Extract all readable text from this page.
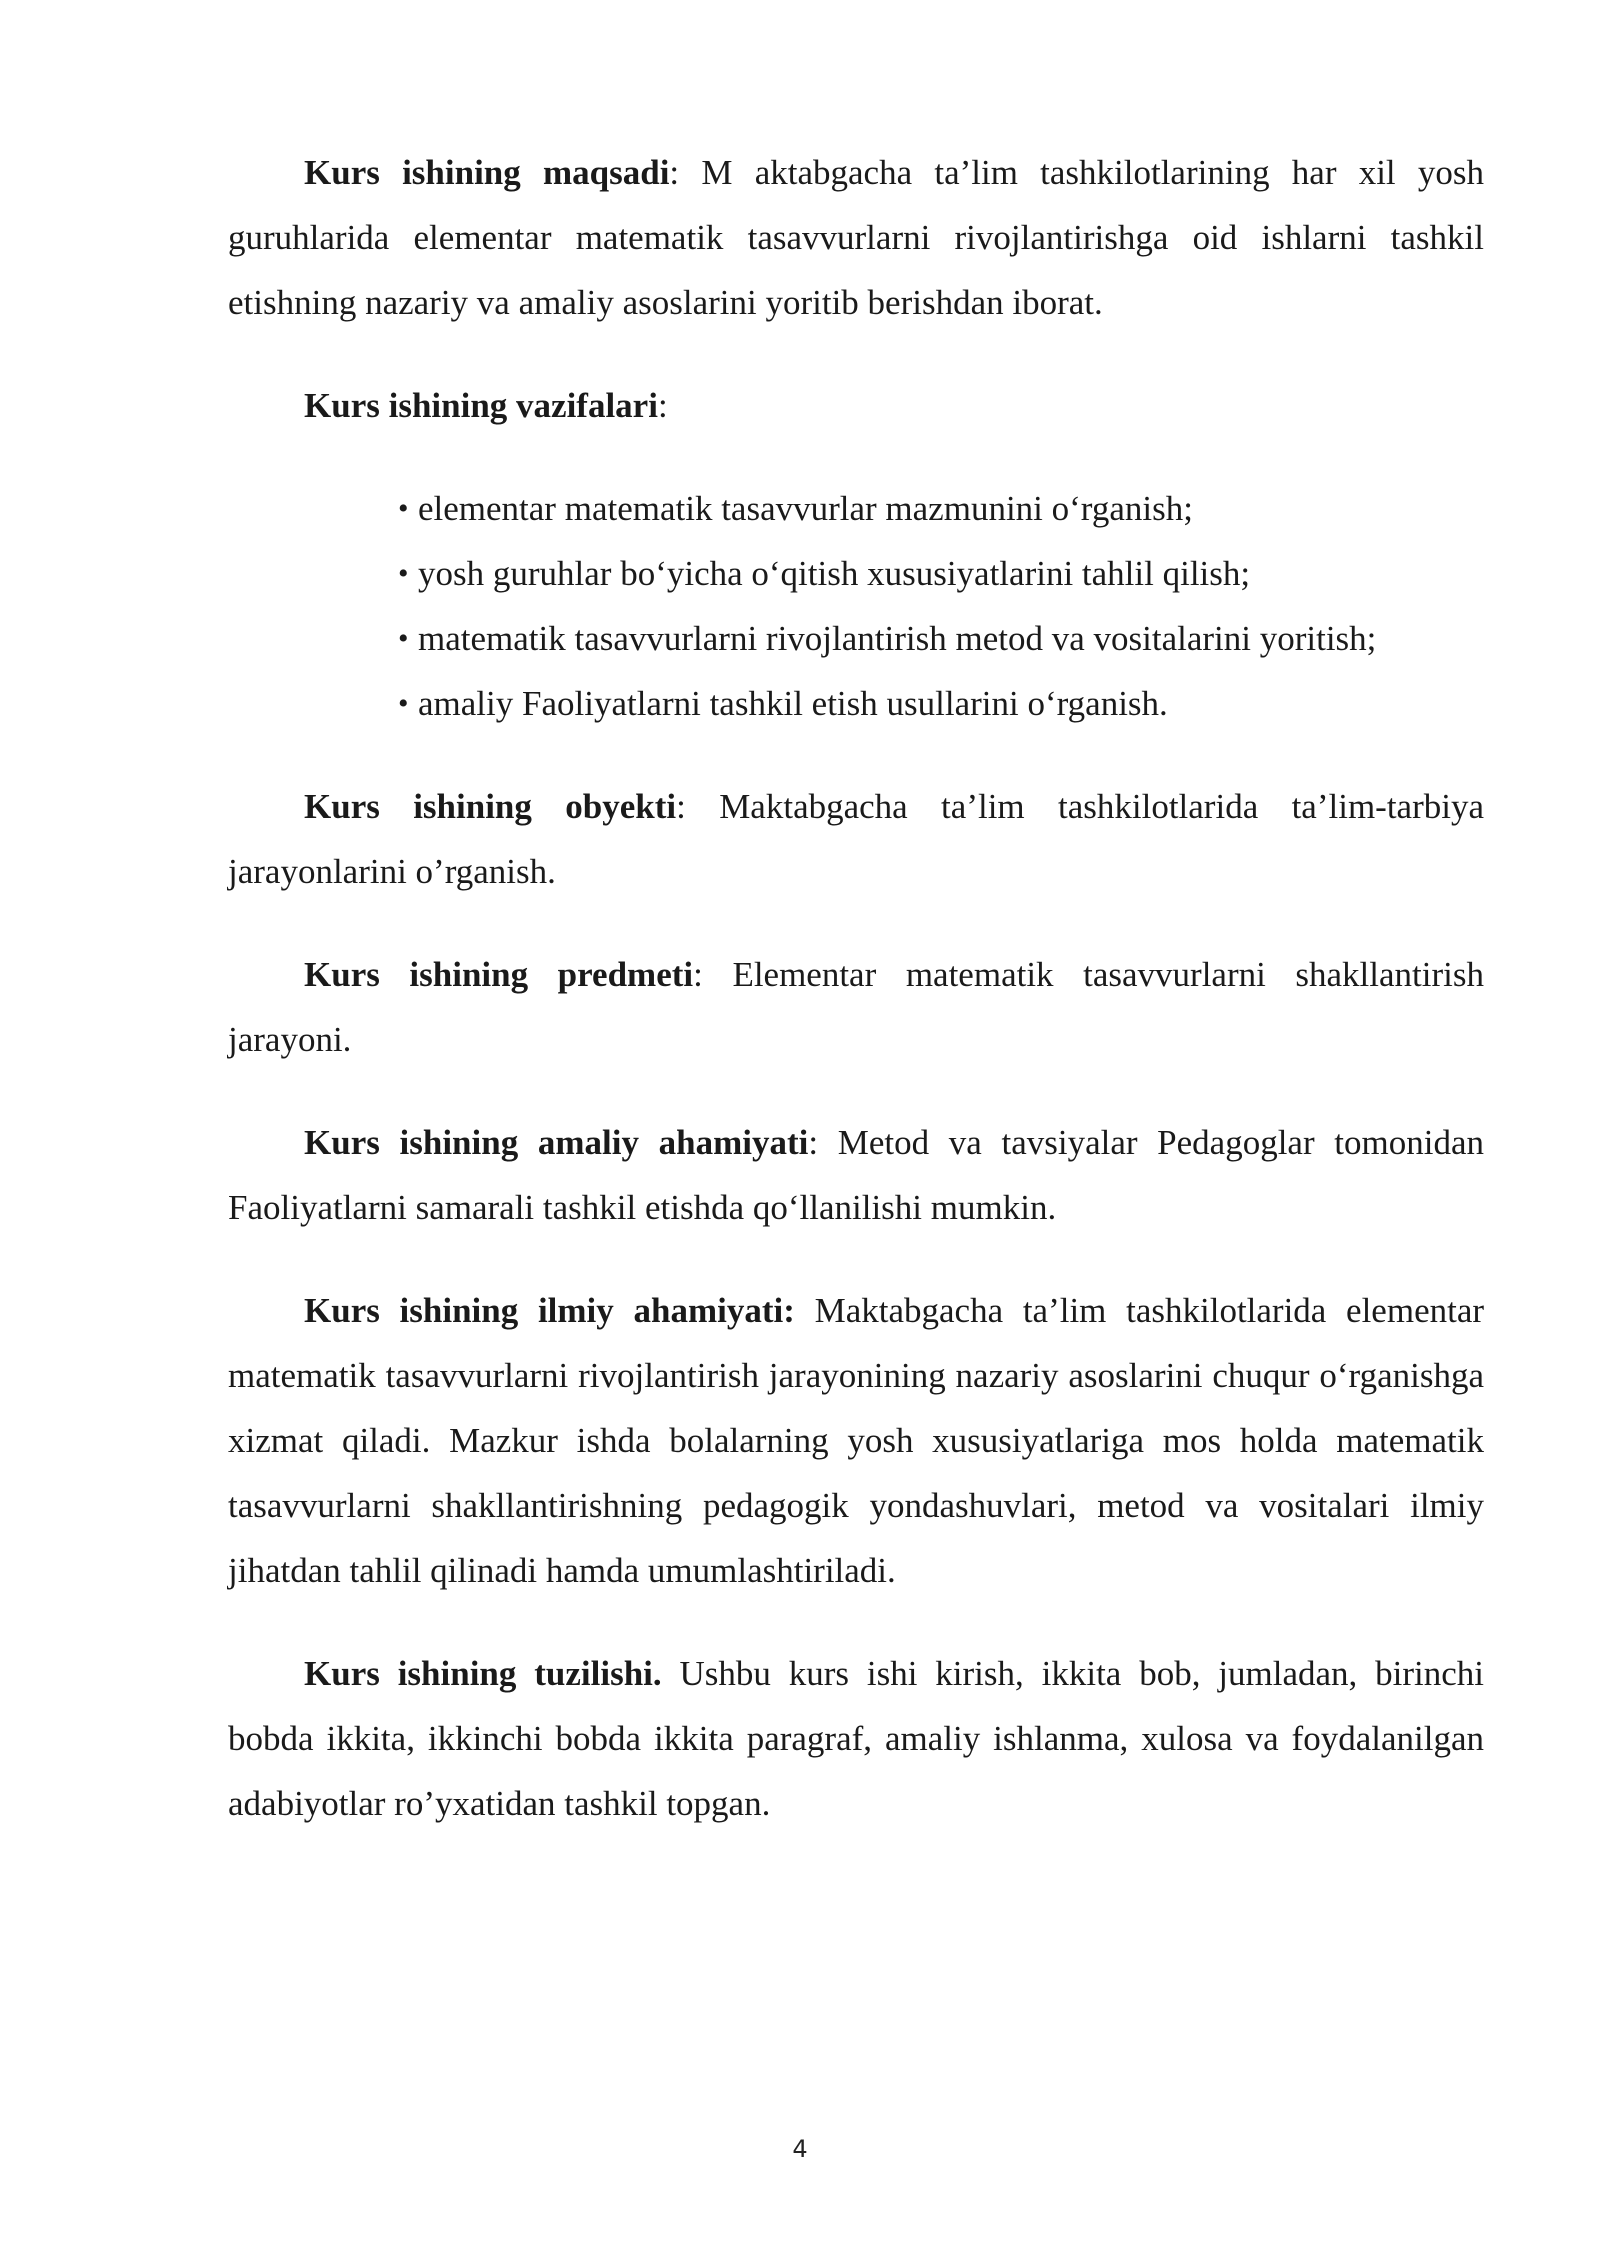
Kurs ishining maqsadi: M aktabgacha ta’lim tashkilotlarining har xil yosh guruhlarida elementar matematik tasavvurlarni rivojlantirishga oid ishlarni tashkil etishning nazariy va amaliy asoslarini yoritib berishdan iborat.

Kurs ishining vazifalari:

• elementar matematik tasavvurlar mazmunini o‘rganish;
• yosh guruhlar bo‘yicha o‘qitish xususiyatlarini tahlil qilish;
• matematik tasavvurlarni rivojlantirish metod va vositalarini yoritish;
• amaliy Faoliyatlarni tashkil etish usullarini o‘rganish.

Kurs ishining obyekti: Maktabgacha ta’lim tashkilotlarida ta’lim-tarbiya jarayonlarini o’rganish.

Kurs ishining predmeti: Elementar matematik tasavvurlarni shakllantirish jarayoni.

Kurs ishining amaliy ahamiyati: Metod va tavsiyalar Pedagoglar tomonidan Faoliyatlarni samarali tashkil etishda qo‘llanilishi mumkin.

Kurs ishining ilmiy ahamiyati: Maktabgacha ta’lim tashkilotlarida elementar matematik tasavvurlarni rivojlantirish jarayonining nazariy asoslarini chuqur o‘rganishga xizmat qiladi. Mazkur ishda bolalarning yosh xususiyatlariga mos holda matematik tasavvurlarni shakllantirishning pedagogik yondashuvlari, metod va vositalari ilmiy jihatdan tahlil qilinadi hamda umumlashtiriladi.

Kurs ishining tuzilishi. Ushbu kurs ishi kirish, ikkita bob, jumladan, birinchi bobda ikkita, ikkinchi bobda ikkita paragraf, amaliy ishlanma, xulosa va foydalanilgan adabiyotlar ro’yxatidan tashkil topgan.

4
